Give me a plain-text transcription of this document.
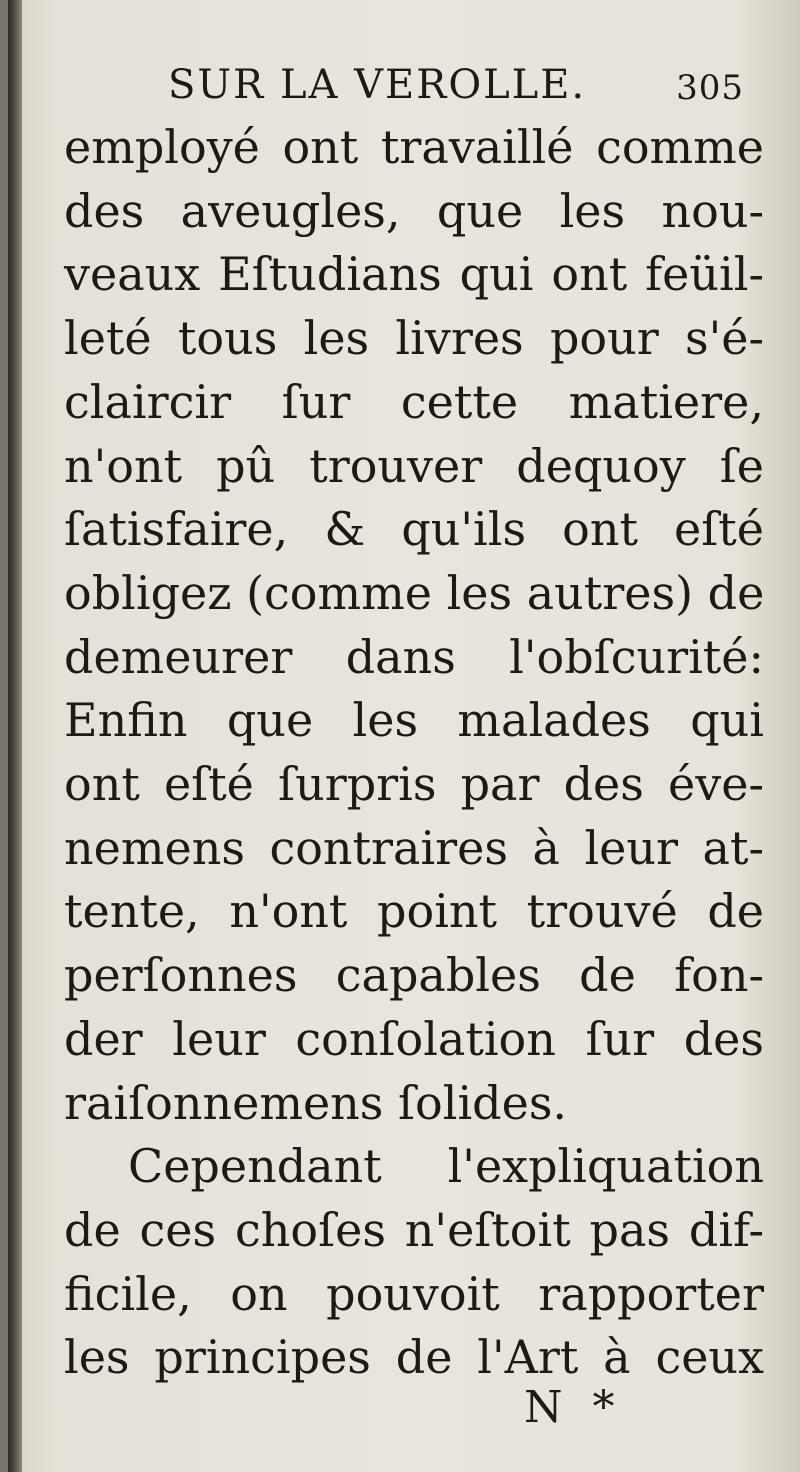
SUR LA VEROLLE.	305
employé ont travaillé comme
des aveugles, que les nou-
veaux Eſtudians qui ont feüil-
leté tous les livres pour s'é-
claircir ſur cette matiere,
n'ont pû trouver dequoy ſe
ſatisfaire, & qu'ils ont eſté
obligez (comme les autres) de
demeurer dans l'obſcurité:
Enfin que les malades qui
ont eſté ſurpris par des éve-
nemens contraires à leur at-
tente, n'ont point trouvé de
perſonnes capables de fon-
der leur conſolation ſur des
raiſonnemens ſolides.
Cependant l'expliquation
de ces choſes n'eſtoit pas dif-
ficile, on pouvoit rapporter
les principes de l'Art à ceux
N *
